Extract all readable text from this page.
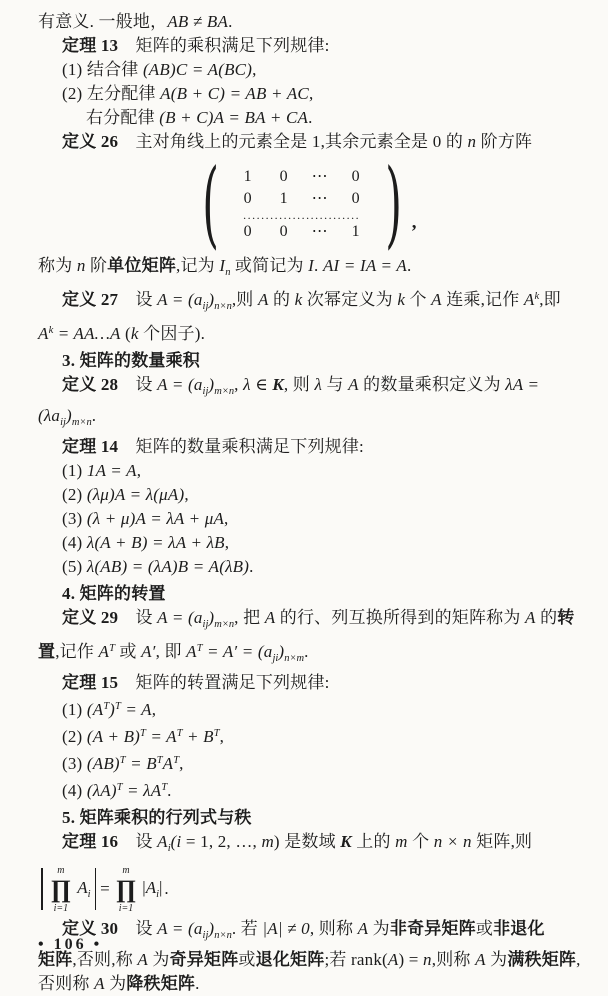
有意义. 一般地，AB ≠ BA.
定理 13　矩阵的乘积满足下列规律:
(1) 结合律 (AB)C = A(BC),
(2) 左分配律 A(B + C) = AB + AC,
右分配律 (B + C)A = BA + CA.
定义 26　主对角线上的元素全是 1,其余元素全是 0 的 n 阶方阵
( 1	0	⋯	0
0	1	⋯	0
..........................			
0	0	⋯	1 ) ,
称为 n 阶单位矩阵,记为 $I_n$ 或简记为 I. AI = IA = A.
定义 27　设 $A = (a_{ij})_{n\times n}$,则 A 的 k 次幂定义为 k 个 A 连乘,记作 $A^k$,即
$A^k$ = AA…A (k 个因子).
3. 矩阵的数量乘积
定义 28　设 $A = (a_{ij})_{m\times n}$, λ ∈ K, 则 λ 与 A 的数量乘积定义为 λA =
$(\lambda a_{ij})_{m\times n}$.
定理 14　矩阵的数量乘积满足下列规律:
(1) 1A = A,
(2) (λμ)A = λ(μA),
(3) (λ + μ)A = λA + μA,
(4) λ(A + B) = λA + λB,
(5) λ(AB) = (λA)B = A(λB).
4. 矩阵的转置
定义 29　设 $A = (a_{ij})_{m\times n}$, 把 A 的行、列互换所得到的矩阵称为 A 的转
置,记作 $A^T$ 或 A′, 即 $A^T = A' = (a_{ji})_{n\times m}$.
定理 15　矩阵的转置满足下列规律:
(1) $(A^T)^T = A$,
(2) $(A + B)^T = A^T + B^T$,
(3) $(AB)^T = B^TA^T$,
(4) $(\lambda A)^T = \lambda A^T$.
5. 矩阵乘积的行列式与秩
定理 16　设 $A_i(i = 1$, 2, …, m) 是数域 K 上的 m 个 n × n 矩阵,则
m
∏
i=1
$A_i$ =
m
∏
i=1
$|A_i|$ .
定义 30　设 $A = (a_{ij})_{n\times n}$. 若 |A| ≠ 0, 则称 A 为非奇异矩阵或非退化
矩阵,否则,称 A 为奇异矩阵或退化矩阵;若 rank(A) = n,则称 A 为满秩矩阵,
否则称 A 为降秩矩阵.
• 106 •
